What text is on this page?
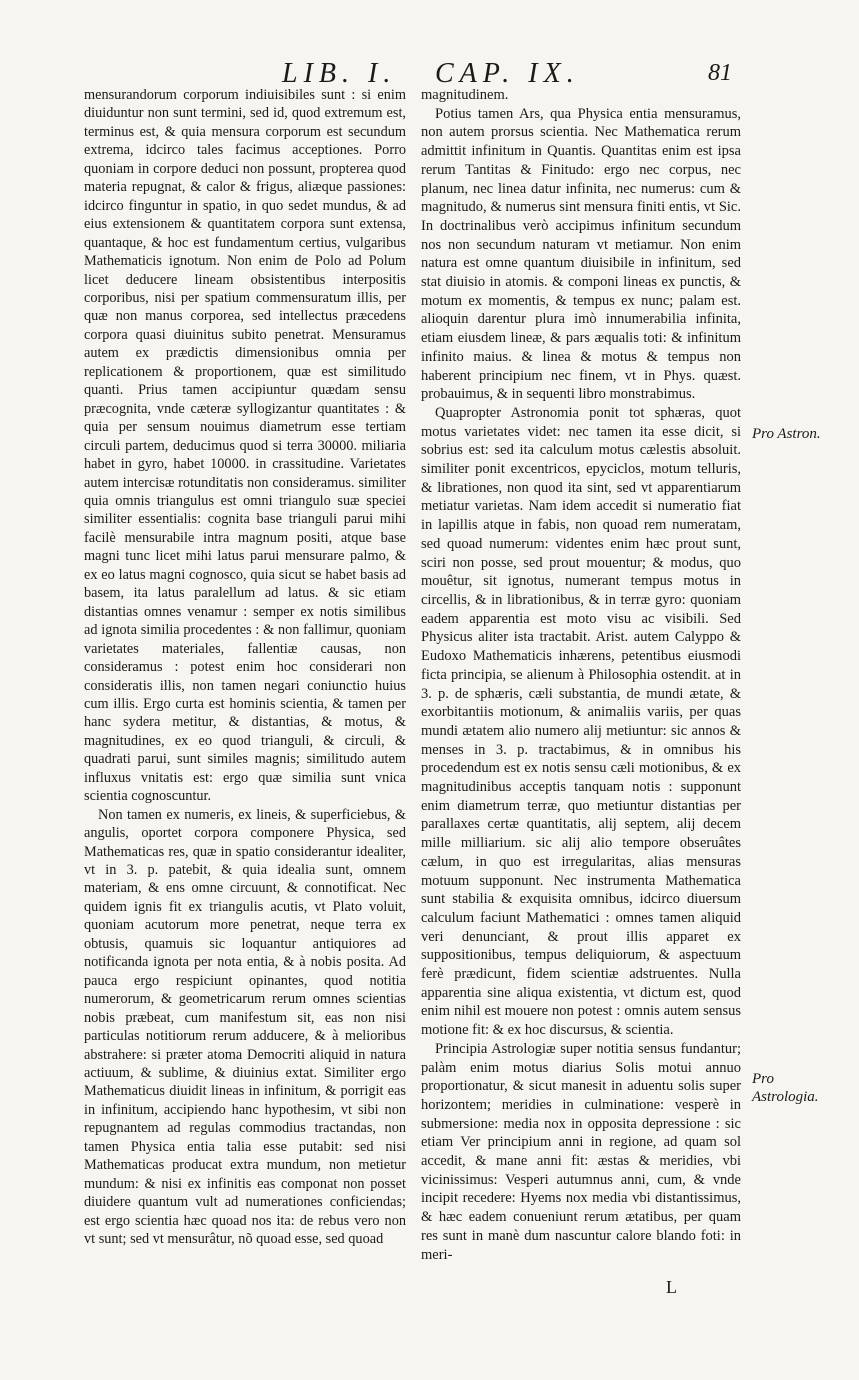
LIB. I. CAP. IX.	81

mensurandorum corporum indiuisibiles sunt : si enim diuiduntur non sunt termini, sed id, quod extremum est, terminus est, & quia mensura corporum est secundum extrema, idcirco tales facimus acceptiones. Porro quoniam in corpore deduci non possunt, propterea quod materia repugnat, & calor & frigus, aliæque passiones: idcirco finguntur in spatio, in quo sedet mundus, & ad eius extensionem & quantitatem corpora sunt extensa, quantaque, & hoc est fundamentum certius, vulgaribus Mathematicis ignotum. Non enim de Polo ad Polum licet deducere lineam obsistentibus interpositis corporibus, nisi per spatium commensuratum illis, per quæ non manus corporea, sed intellectus præcedens corpora quasi diuinitus subito penetrat. Mensuramus autem ex prædictis dimensionibus omnia per replicationem & proportionem, quæ est similitudo quanti. Prius tamen accipiuntur quædam sensu præcognita, vnde cæteræ syllogizantur quantitates : & quia per sensum nouimus diametrum esse tertiam circuli partem, deducimus quod si terra 30000. miliaria habet in gyro, habet 10000. in crassitudine. Varietates autem intercisæ rotunditatis non consideramus. similiter quia omnis triangulus est omni triangulo suæ speciei similiter essentialis: cognita base trianguli parui mihi facilè mensurabile intra magnum positi, atque base magni tunc licet mihi latus parui mensurare palmo, & ex eo latus magni cognosco, quia sicut se habet basis ad basem, ita latus paralellum ad latus. & sic etiam distantias omnes venamur : semper ex notis similibus ad ignota similia procedentes : & non fallimur, quoniam varietates materiales, fallentiæ causas, non consideramus : potest enim hoc considerari non consideratis illis, non tamen negari coniunctio huius cum illis. Ergo curta est hominis scientia, & tamen per hanc sydera metitur, & distantias, & motus, & magnitudines, ex eo quod trianguli, & circuli, & quadrati parui, sunt similes magnis; similitudo autem influxus vnitatis est: ergo quæ similia sunt vnica scientia cognoscuntur.

Non tamen ex numeris, ex lineis, & superficiebus, & angulis, oportet corpora componere Physica, sed Mathematicas res, quæ in spatio considerantur idealiter, vt in 3. p. patebit, & quia idealia sunt, omnem materiam, & ens omne circuunt, & connotificat. Nec quidem ignis fit ex triangulis acutis, vt Plato voluit, quoniam acutorum more penetrat, neque terra ex obtusis, quamuis sic loquantur antiquiores ad notificanda ignota per nota entia, & à nobis posita. Ad pauca ergo respiciunt opinantes, quod notitia numerorum, & geometricarum rerum omnes scientias nobis præbeat, cum manifestum sit, eas non nisi particulas notitiorum rerum adducere, & à melioribus abstrahere: si præter atoma Democriti aliquid in natura actiuum, & sublime, & diuinius extat. Similiter ergo Mathematicus diuidit lineas in infinitum, & porrigit eas in infinitum, accipiendo hanc hypothesim, vt sibi non repugnantem ad regulas commodius tractandas, non tamen Physica entia talia esse putabit: sed nisi Mathematicas producat extra mundum, non metietur mundum: & nisi ex infinitis eas componat non posset diuidere quantum vult ad numerationes conficiendas; est ergo scientia hæc quoad nos ita: de rebus vero non vt sunt; sed vt mensurâtur, nõ quoad esse, sed quoad

magnitudinem.

Potius tamen Ars, qua Physica entia mensuramus, non autem prorsus scientia. Nec Mathematica rerum admittit infinitum in Quantis. Quantitas enim est ipsa rerum Tantitas & Finitudo: ergo nec corpus, nec planum, nec linea datur infinita, nec numerus: cum & magnitudo, & numerus sint mensura finiti entis, vt Sic. In doctrinalibus verò accipimus infinitum secundum nos non secundum naturam vt metiamur. Non enim natura est omne quantum diuisibile in infinitum, sed stat diuisio in atomis. & componi lineas ex punctis, & motum ex momentis, & tempus ex nunc; palam est. alioquin darentur plura imò innumerabilia infinita, etiam eiusdem lineæ, & pars æqualis toti: & infinitum infinito maius. & linea & motus & tempus non haberent principium nec finem, vt in Phys. quæst. probauimus, & in sequenti libro monstrabimus.

Quapropter Astronomia ponit tot sphæras, quot motus varietates videt: nec tamen ita esse dicit, si sobrius est: sed ita calculum motus cælestis absoluit. similiter ponit excentricos, epyciclos, motum telluris, & librationes, non quod ita sint, sed vt apparentiarum metiatur varietas. Nam idem accedit si numeratio fiat in lapillis atque in fabis, non quoad rem numeratam, sed quoad numerum: videntes enim hæc prout sunt, sciri non posse, sed prout mouentur; & modus, quo mouêtur, sit ignotus, numerant tempus motus in circellis, & in librationibus, & in terræ gyro: quoniam eadem apparentia est moto visu ac visibili. Sed Physicus aliter ista tractabit. Arist. autem Calyppo & Eudoxo Mathematicis inhærens, petentibus eiusmodi ficta principia, se alienum à Philosophia ostendit. at in 3. p. de sphæris, cæli substantia, de mundi ætate, & exorbitantiis motionum, & animaliis variis, per quas mundi ætatem alio numero alij metiuntur: sic annos & menses in 3. p. tractabimus, & in omnibus his procedendum est ex notis sensu cæli motionibus, & ex magnitudinibus acceptis tanquam notis : supponunt enim diametrum terræ, quo metiuntur distantias per parallaxes certæ quantitatis, alij septem, alij decem mille milliarium. sic alij alio tempore obseruâtes cælum, in quo est irregularitas, alias mensuras motuum supponunt. Nec instrumenta Mathematica sunt stabilia & exquisita omnibus, idcirco diuersum calculum faciunt Mathematici : omnes tamen aliquid veri denunciant, & prout illis apparet ex suppositionibus, tempus deliquiorum, & aspectuum ferè prædicunt, fidem scientiæ adstruentes. Nulla apparentia sine aliqua existentia, vt dictum est, quod enim nihil est mouere non potest : omnis autem sensus motione fit: & ex hoc discursus, & scientia.

Principia Astrologiæ super notitia sensus fundantur; palàm enim motus diarius Solis motui annuo proportionatur, & sicut manesit in aduentu solis super horizontem; meridies in culminatione: vesperè in submersione: media nox in opposita depressione : sic etiam Ver principium anni in regione, ad quam sol accedit, & mane anni fit: æstas & meridies, vbi vicinissimus: Vesperi autumnus anni, cum, & vnde incipit recedere: Hyems nox media vbi distantissimus, & hæc eadem conueniunt rerum ætatibus, per quam res sunt in manè dum nascuntur calore blando foti: in meri-

Pro Astron.
Pro Astrologia.
L
